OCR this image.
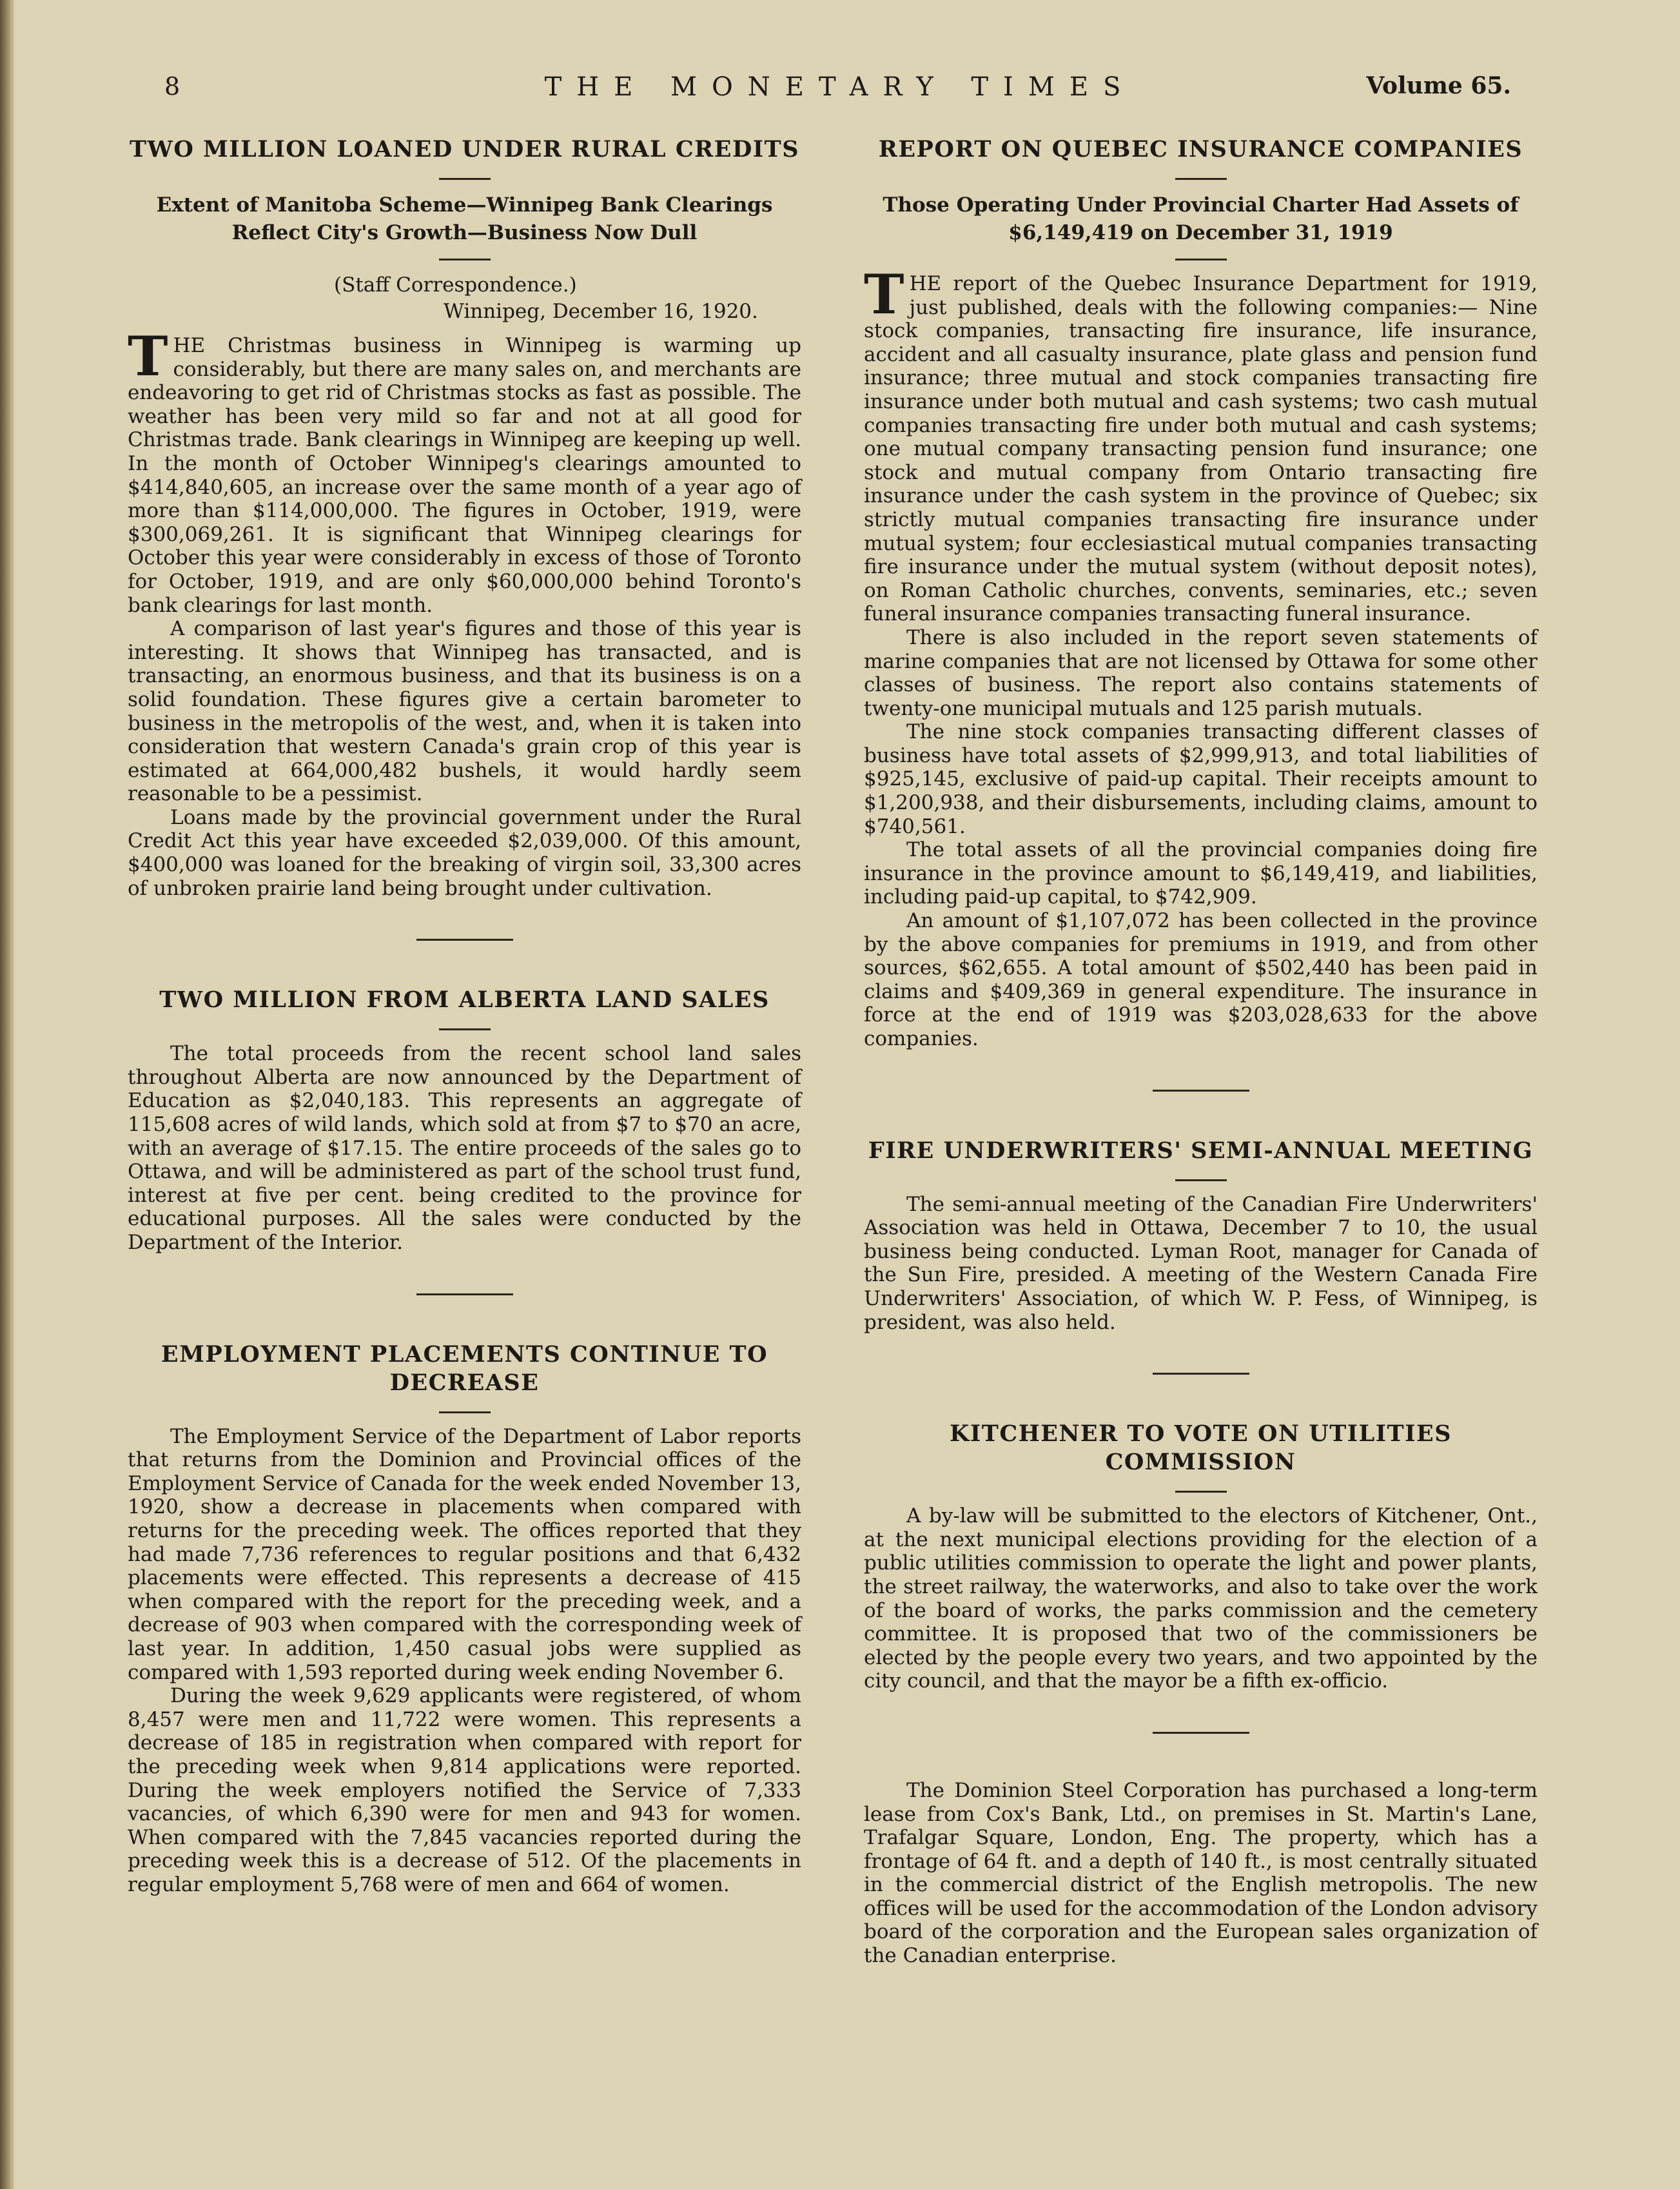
8	THE MONETARY TIMES	Volume 65.
TWO MILLION LOANED UNDER RURAL CREDITS
Extent of Manitoba Scheme—Winnipeg Bank Clearings Reflect City's Growth—Business Now Dull
(Staff Correspondence.)
Winnipeg, December 16, 1920.

THE Christmas business in Winnipeg is warming up considerably, but there are many sales on, and merchants are endeavoring to get rid of Christmas stocks as fast as possible. The weather has been very mild so far and not at all good for Christmas trade. Bank clearings in Winnipeg are keeping up well. In the month of October Winnipeg's clearings amounted to $414,840,605, an increase over the same month of a year ago of more than $114,000,000. The figures in October, 1919, were $300,069,261. It is significant that Winnipeg clearings for October this year were considerably in excess of those of Toronto for October, 1919, and are only $60,000,000 behind Toronto's bank clearings for last month.

A comparison of last year's figures and those of this year is interesting. It shows that Winnipeg has transacted, and is transacting, an enormous business, and that its business is on a solid foundation. These figures give a certain barometer to business in the metropolis of the west, and, when it is taken into consideration that western Canada's grain crop of this year is estimated at 664,000,482 bushels, it would hardly seem reasonable to be a pessimist.

Loans made by the provincial government under the Rural Credit Act this year have exceeded $2,039,000. Of this amount, $400,000 was loaned for the breaking of virgin soil, 33,300 acres of unbroken prairie land being brought under cultivation.

TWO MILLION FROM ALBERTA LAND SALES

The total proceeds from the recent school land sales throughout Alberta are now announced by the Department of Education as $2,040,183. This represents an aggregate of 115,608 acres of wild lands, which sold at from $7 to $70 an acre, with an average of $17.15. The entire proceeds of the sales go to Ottawa, and will be administered as part of the school trust fund, interest at five per cent. being credited to the province for educational purposes. All the sales were conducted by the Department of the Interior.

EMPLOYMENT PLACEMENTS CONTINUE TO DECREASE

The Employment Service of the Department of Labor reports that returns from the Dominion and Provincial offices of the Employment Service of Canada for the week ended November 13, 1920, show a decrease in placements when compared with returns for the preceding week. The offices reported that they had made 7,736 references to regular positions and that 6,432 placements were effected. This represents a decrease of 415 when compared with the report for the preceding week, and a decrease of 903 when compared with the corresponding week of last year. In addition, 1,450 casual jobs were supplied as compared with 1,593 reported during week ending November 6.

During the week 9,629 applicants were registered, of whom 8,457 were men and 11,722 were women. This represents a decrease of 185 in registration when compared with report for the preceding week when 9,814 applications were reported. During the week employers notified the Service of 7,333 vacancies, of which 6,390 were for men and 943 for women. When compared with the 7,845 vacancies reported during the preceding week this is a decrease of 512. Of the placements in regular employment 5,768 were of men and 664 of women.

REPORT ON QUEBEC INSURANCE COMPANIES
Those Operating Under Provincial Charter Had Assets of $6,149,419 on December 31, 1919

THE report of the Quebec Insurance Department for 1919, just published, deals with the following companies:— Nine stock companies, transacting fire insurance, life insurance, accident and all casualty insurance, plate glass and pension fund insurance; three mutual and stock companies transacting fire insurance under both mutual and cash systems; two cash mutual companies transacting fire under both mutual and cash systems; one mutual company transacting pension fund insurance; one stock and mutual company from Ontario transacting fire insurance under the cash system in the province of Quebec; six strictly mutual companies transacting fire insurance under mutual system; four ecclesiastical mutual companies transacting fire insurance under the mutual system (without deposit notes), on Roman Catholic churches, convents, seminaries, etc.; seven funeral insurance companies transacting funeral insurance.

There is also included in the report seven statements of marine companies that are not licensed by Ottawa for some other classes of business. The report also contains statements of twenty-one municipal mutuals and 125 parish mutuals.

The nine stock companies transacting different classes of business have total assets of $2,999,913, and total liabilities of $925,145, exclusive of paid-up capital. Their receipts amount to $1,200,938, and their disbursements, including claims, amount to $740,561.

The total assets of all the provincial companies doing fire insurance in the province amount to $6,149,419, and liabilities, including paid-up capital, to $742,909.

An amount of $1,107,072 has been collected in the province by the above companies for premiums in 1919, and from other sources, $62,655. A total amount of $502,440 has been paid in claims and $409,369 in general expenditure. The insurance in force at the end of 1919 was $203,028,633 for the above companies.

FIRE UNDERWRITERS' SEMI-ANNUAL MEETING

The semi-annual meeting of the Canadian Fire Underwriters' Association was held in Ottawa, December 7 to 10, the usual business being conducted. Lyman Root, manager for Canada of the Sun Fire, presided. A meeting of the Western Canada Fire Underwriters' Association, of which W. P. Fess, of Winnipeg, is president, was also held.

KITCHENER TO VOTE ON UTILITIES COMMISSION

A by-law will be submitted to the electors of Kitchener, Ont., at the next municipal elections providing for the election of a public utilities commission to operate the light and power plants, the street railway, the waterworks, and also to take over the work of the board of works, the parks commission and the cemetery committee. It is proposed that two of the commissioners be elected by the people every two years, and two appointed by the city council, and that the mayor be a fifth ex-officio.

The Dominion Steel Corporation has purchased a long-term lease from Cox's Bank, Ltd., on premises in St. Martin's Lane, Trafalgar Square, London, Eng. The property, which has a frontage of 64 ft. and a depth of 140 ft., is most centrally situated in the commercial district of the English metropolis. The new offices will be used for the accommodation of the London advisory board of the corporation and the European sales organization of the Canadian enterprise.
